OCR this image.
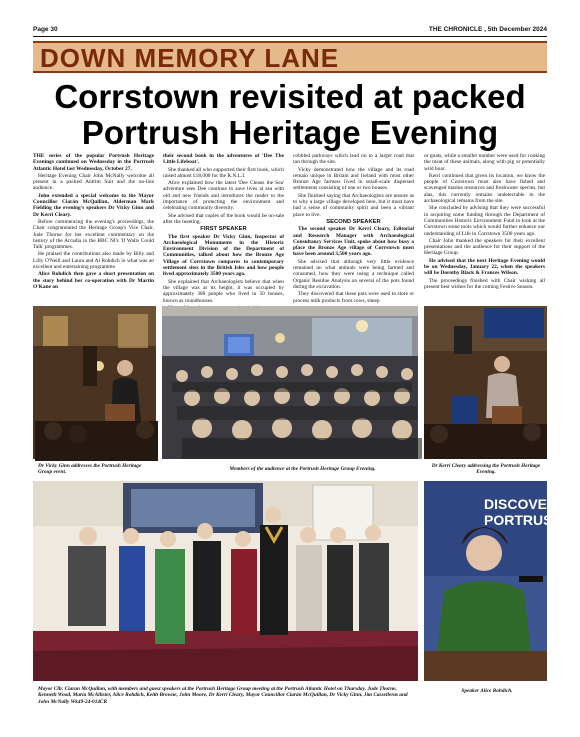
Page 30	THE CHRONICLE , 5th December 2024
DOWN MEMORY LANE
Corrstown revisited at packed
Portrush Heritage Evening

THE series of the popular Portrush Heritage Evenings continued on Wednesday in the Portrush Atlantic Hotel last Wednesday, October 27.

Heritage Evening Chair John McNally welcome all present in a packed Antrim Suit and the on-line audience.

John extended a special welcome to the Mayor Councillor Ciarán McQuillan, Alderman Mark Fielding the evening's speakers Dr Vicky Ginn and Dr Kerri Cleary.

Before commencing the evening's proceedings, the Chair congratulated the Heritage Group's Vice Chair, Jude Thorne for her excellent commentary on the history of the Arcadia in the BBC NI's 'If Walls Could Talk' programmes.

He praised the contributions also made by Billy and Lilly O'Neill and Laura and Al Rohdich in what was an excellent and entertaining programme.

Alice Rohdich then gave a short presentation on the story behind her co-operation with Dr Martin O'Kane on

their second book in the adventures of 'Dee The Little Lifeboat'.

She thanked all who supported their first book, which raised almost £18,000 for the R.N.L.I.

Alice explained how the latest 'Dee Cleans the Sea' adventure sees Dee continue to save lives at sea with old and new friends and introduces the reader to the importance of protecting the environment and celebrating community diversity.

She advised that copies of the book would be on-sale after the meeting.

FIRST SPEAKER

The first speaker Dr Vicky Ginn, Inspector of Archaeological Monuments in the Historic Environment Division of the Department of Communities, talked about how the Bronze Age Village of Corrstown compares to contemporary settlement sites in the British Isles and how people lived approximately 3500 years ago.

She explained that Archaeologists believe that when the village was at its height, it was occupied by approximately 300 people who lived in 50 houses, known as roundhouses.

cobbled pathways which lead on to a larger road that ran through the site.

Vicky demonstrated how the village and its road remain unique in Britain and Ireland with most other Bronze Age farmers lived in small-scale dispersed settlements consisting of one or two houses.

She finished saying that Archaeologists are unsure as to why a large village developed here, but it must have had a sense of community spirit and been a vibrant place to live.

SECOND SPEAKER

The second speaker Dr Kerri Cleary, Editorial and Research Manager with Archaeological Consultancy Services Unit, spoke about how busy a place the Bronze Age village of Corrstown must have been around 3,500 years ago.

She advised that although very little evidence remained on what animals were being farmed and consumed, how they were using a technique called Organic Residue Analysis on several of the pots found during the excavation.

They discovered that these pots were used to store or process milk products from cows, sheep

or goats, while a smaller number were used for cooking the meat of these animals, along with pig or potentially wild boar.

Kerri continued that given its location, we know the people of Corrstown must also have fished and scavenged marine resources and freshwater species, but alas, this currently remains undetectable in the archaeological remains from the site.

She concluded by advising that they were successful in acquiring some funding through the Department of Communities Historic Environment Fund to look at the Corrstown stone tools which would further enhance our understanding of Life in Corrstown 3500 years ago.

Chair John thanked the speakers for their excellent presentations and the audience for their support of the Heritage Group.

He advised that the next Heritage Evening would be on Wednesday, January 22, when the speakers will be Dorothy Black & Frances Wilson.

The proceedings finished with Chair wishing all present best wishes for the coming Festive Season.

Dr Vicky Ginn addresses the Portrush Heritage Group event.
Members of the audience at the Portrush Heritage Group Evening.	Dr Kerri Cleary addressing the Portrush Heritage Evening.
Mayor Cllr. Ciaran McQuillan, with members and guest speakers at the Portrush Heritage Group meeting at the Portrush Atlantic Hotel on Thursday. Jude Thorne, Kenneth Wood, Maria McAllister, Alice Rohdich, Keith Browne, John Moore, Dr Kerri Cleary, Mayor Councillor Ciarán McQuillan, Dr Vicky Ginn, Jim Casselleras and John McNally Wk49-24-014CR
DISCOVE
PORTRUS
Speaker Alice Rohdich.
